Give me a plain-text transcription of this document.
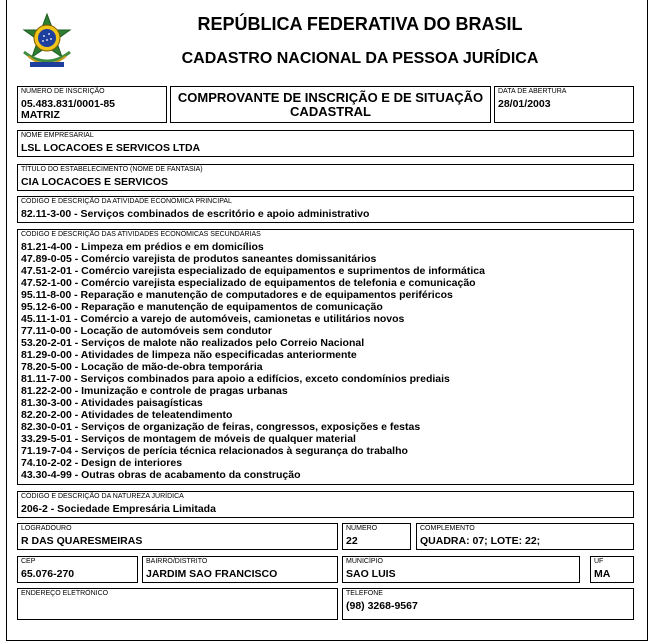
REPÚBLICA FEDERATIVA DO BRASIL
CADASTRO NACIONAL DA PESSOA JURÍDICA
NÚMERO DE INSCRIÇÃO
05.483.831/0001-85
MATRIZ
COMPROVANTE DE INSCRIÇÃO E DE SITUAÇÃO
CADASTRAL
DATA DE ABERTURA
28/01/2003
NOME EMPRESARIAL
LSL LOCACOES E SERVICOS LTDA
TÍTULO DO ESTABELECIMENTO (NOME DE FANTASIA)
CIA LOCACOES E SERVICOS
CÓDIGO E DESCRIÇÃO DA ATIVIDADE ECONÔMICA PRINCIPAL
82.11-3-00 - Serviços combinados de escritório e apoio administrativo
CÓDIGO E DESCRIÇÃO DAS ATIVIDADES ECONÔMICAS SECUNDÁRIAS
81.21-4-00 - Limpeza em prédios e em domicílios
47.89-0-05 - Comércio varejista de produtos saneantes domissanitários
47.51-2-01 - Comércio varejista especializado de equipamentos e suprimentos de informática
47.52-1-00 - Comércio varejista especializado de equipamentos de telefonia e comunicação
95.11-8-00 - Reparação e manutenção de computadores e de equipamentos periféricos
95.12-6-00 - Reparação e manutenção de equipamentos de comunicação
45.11-1-01 - Comércio a varejo de automóveis, camionetas e utilitários novos
77.11-0-00 - Locação de automóveis sem condutor
53.20-2-01 - Serviços de malote não realizados pelo Correio Nacional
81.29-0-00 - Atividades de limpeza não especificadas anteriormente
78.20-5-00 - Locação de mão-de-obra temporária
81.11-7-00 - Serviços combinados para apoio a edifícios, exceto condomínios prediais
81.22-2-00 - Imunização e controle de pragas urbanas
81.30-3-00 - Atividades paisagísticas
82.20-2-00 - Atividades de teleatendimento
82.30-0-01 - Serviços de organização de feiras, congressos, exposições e festas
33.29-5-01 - Serviços de montagem de móveis de qualquer material
71.19-7-04 - Serviços de perícia técnica relacionados à segurança do trabalho
74.10-2-02 - Design de interiores
43.30-4-99 - Outras obras de acabamento da construção
CÓDIGO E DESCRIÇÃO DA NATUREZA JURÍDICA
206-2 - Sociedade Empresária Limitada
LOGRADOURO
R DAS QUARESMEIRAS
NÚMERO
22
COMPLEMENTO
QUADRA: 07; LOTE: 22;
CEP
65.076-270
BAIRRO/DISTRITO
JARDIM SAO FRANCISCO
MUNICÍPIO
SAO LUIS
UF
MA
ENDEREÇO ELETRÔNICO	TELEFONE
(98) 3268-9567
